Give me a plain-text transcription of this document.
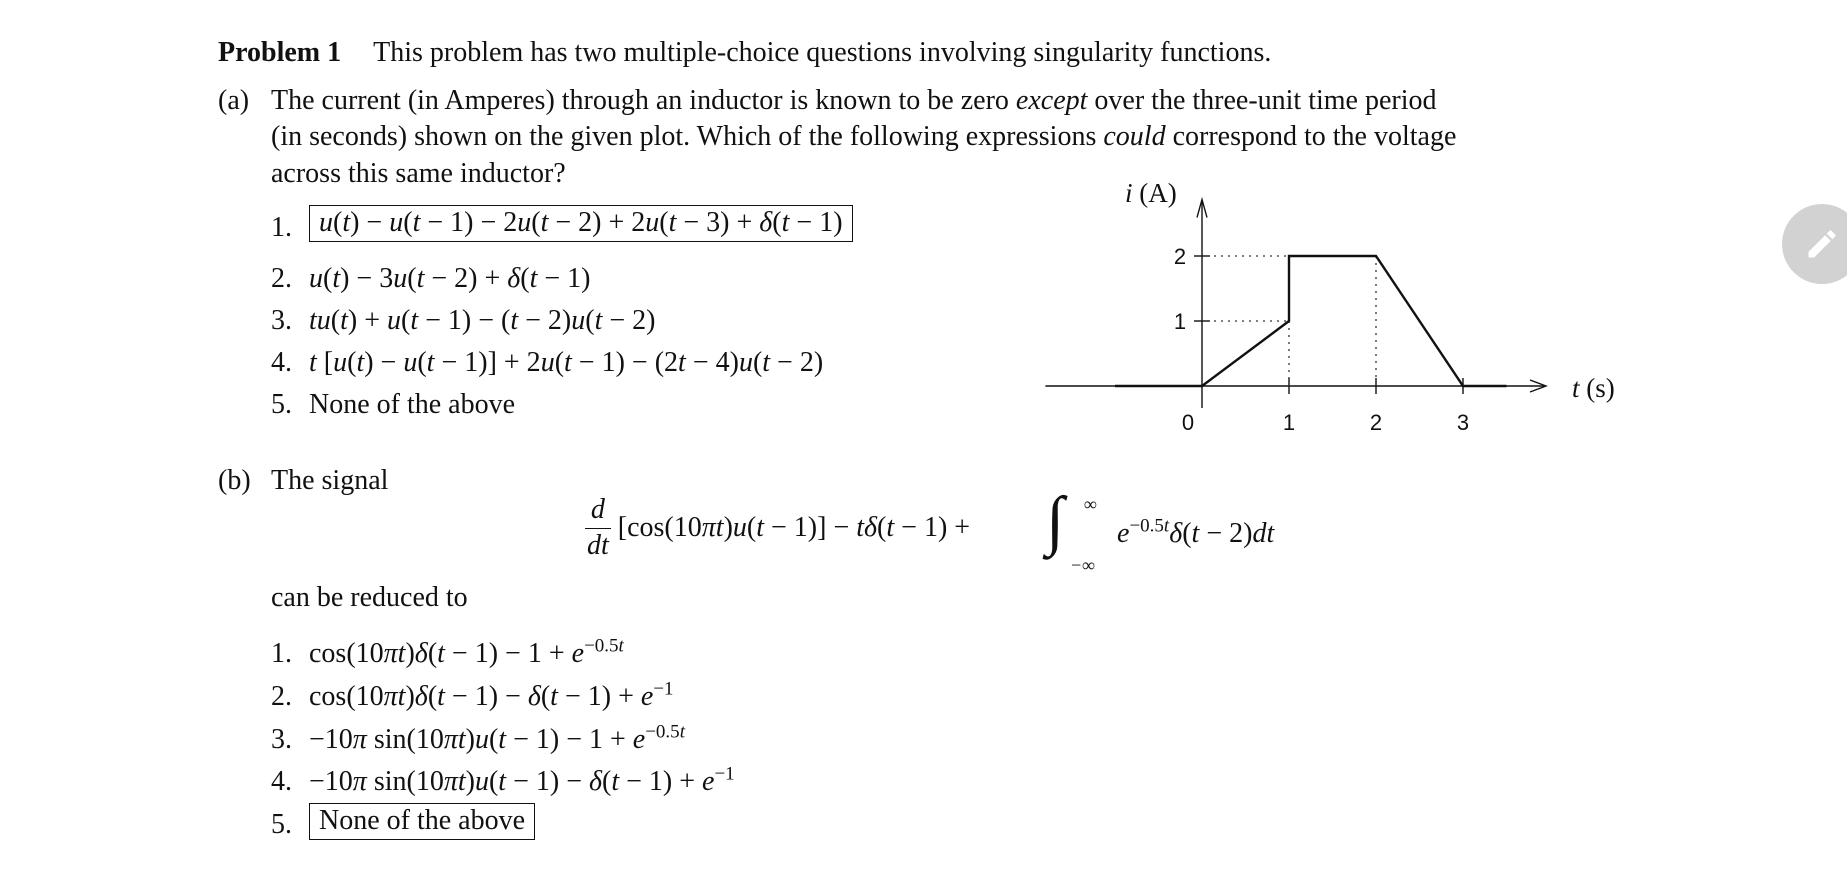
Problem 1 This problem has two multiple-choice questions involving singularity functions.
(a) The current (in Amperes) through an inductor is known to be zero except over the three-unit time period
(in seconds) shown on the given plot. Which of the following expressions could correspond to the voltage
across this same inductor?
1. u(t) − u(t − 1) − 2u(t − 2) + 2u(t − 3) + δ(t − 1)
2. u(t) − 3u(t − 2) + δ(t − 1)
3. tu(t) + u(t − 1) − (t − 2)u(t − 2)
4. t [u(t) − u(t − 1)] + 2u(t − 1) − (2t − 4)u(t − 2)
5. None of the above
0	1	2	3
1
2
i (A)
t (s)
(b) The signal
$\frac{d}{dt} [\cos(10\pi t)u(t - 1)] - t\delta(t - 1)$ + ∫ ∞
−∞
$e^{-0.5t}\delta(t - 2)dt$
can be reduced to
1. $\cos(10\pi t)\delta(t - 1) - 1 + e^{-0.5t}$
2. $\cos(10\pi t)\delta(t - 1) - \delta(t - 1) + e^{-1}$
3. −10π $\sin(10\pi t)u(t - 1) - 1 + e^{-0.5t}$
4. −10π $\sin(10\pi t)u(t - 1) - \delta(t - 1) + e^{-1}$
5. None of the above
